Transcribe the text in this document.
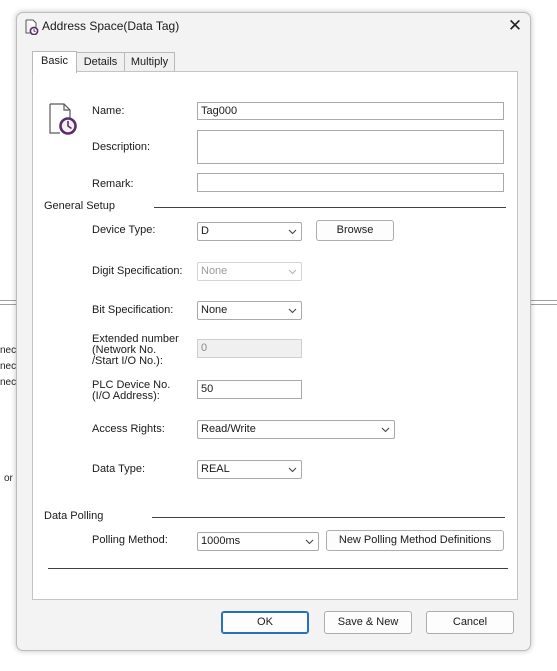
nec
nec
nec
or
Address Space(Data Tag)	✕
Basic	Details	Multiply
Name:	Tag000
Description:
Remark:
General Setup
Device Type:	D	Browse
Digit Specification:	None
Bit Specification:	None
Extended number
(Network No.
/Start I/O No.):
0
PLC Device No.
(I/O Address):
50
Access Rights:	Read/Write
Data Type:	REAL
Data Polling
Polling Method:	1000ms	New Polling Method Definitions
OK	Save & New	Cancel
